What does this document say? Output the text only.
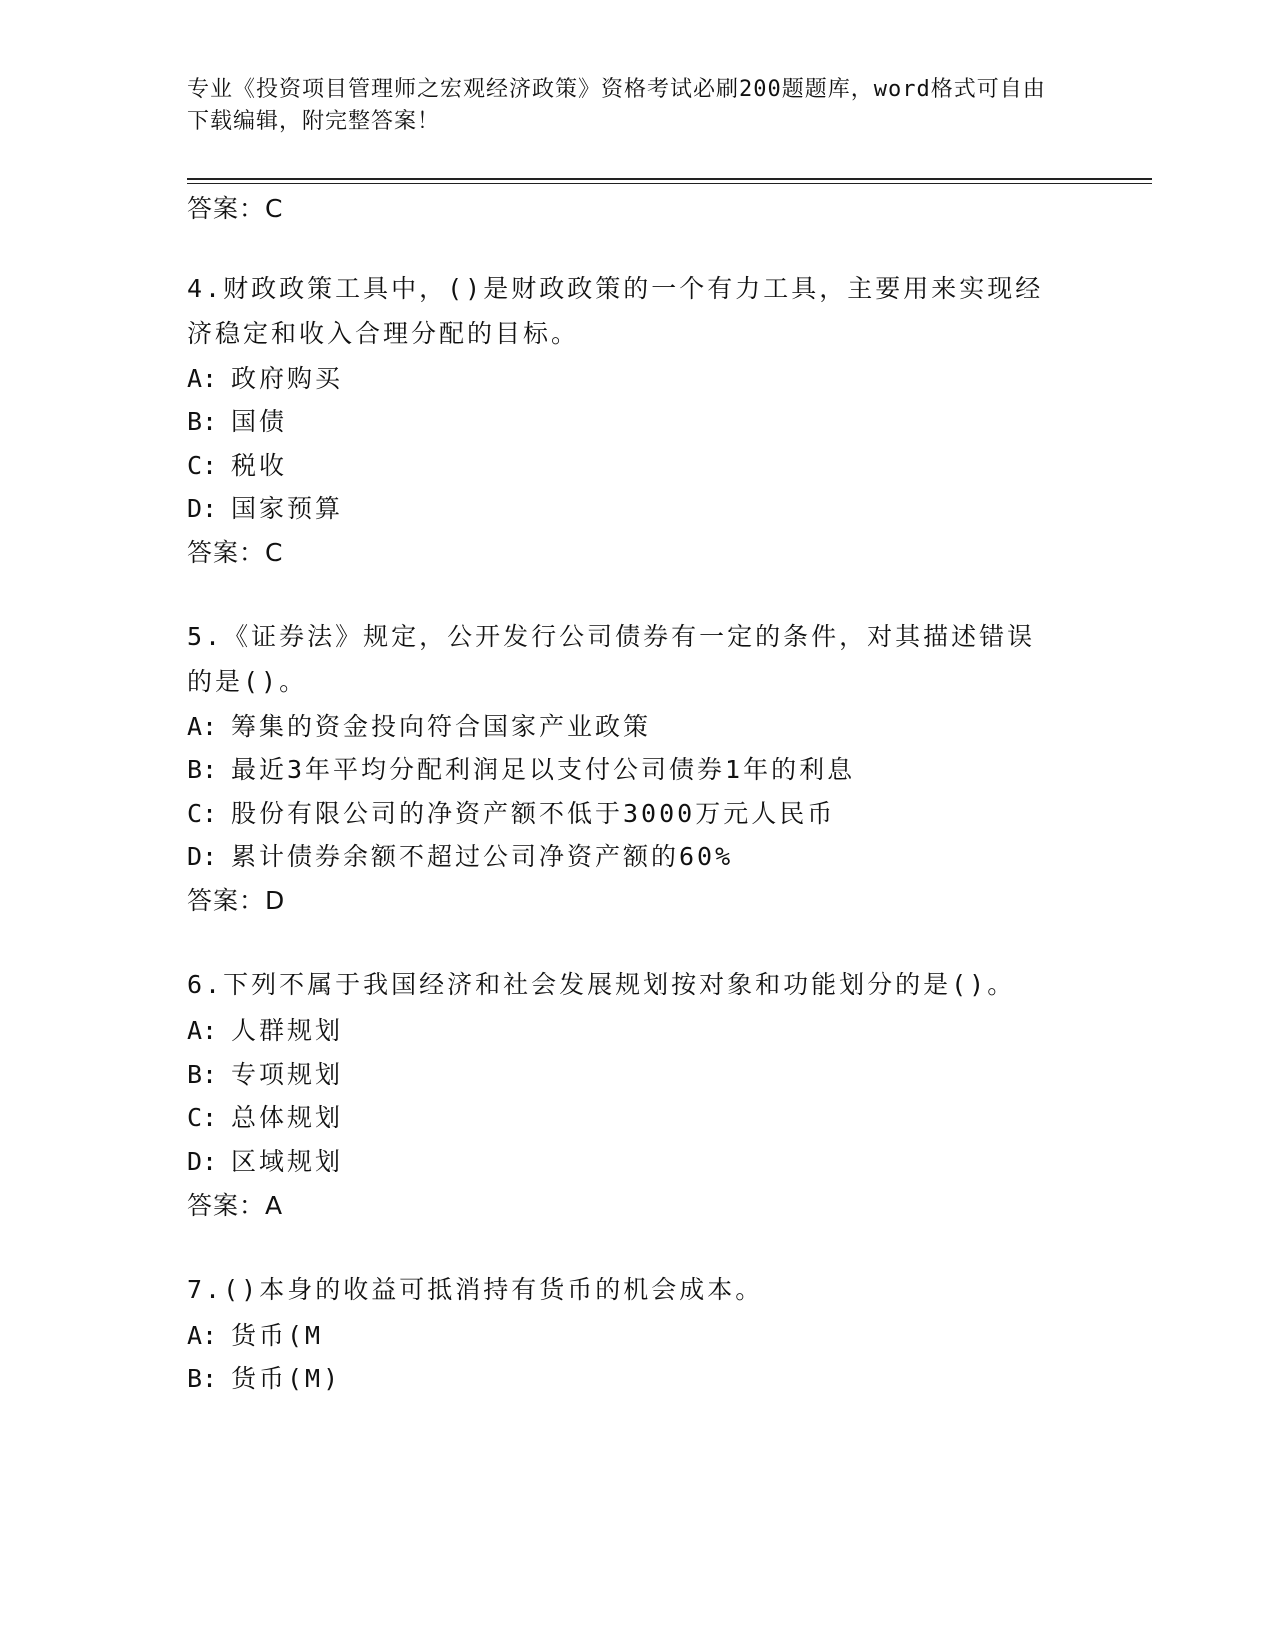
专业《投资项目管理师之宏观经济政策》资格考试必刷200题题库，word格式可自由下载编辑，附完整答案！
答案：C
4.财政政策工具中，()是财政政策的一个有力工具，主要用来实现经济稳定和收入合理分配的目标。
A: 政府购买
B: 国债
C: 税收
D: 国家预算
答案：C
5.《证券法》规定，公开发行公司债券有一定的条件，对其描述错误的是()。
A: 筹集的资金投向符合国家产业政策
B: 最近3年平均分配利润足以支付公司债券1年的利息
C: 股份有限公司的净资产额不低于3000万元人民币
D: 累计债券余额不超过公司净资产额的60%
答案：D
6.下列不属于我国经济和社会发展规划按对象和功能划分的是()。
A: 人群规划
B: 专项规划
C: 总体规划
D: 区域规划
答案：A
7.()本身的收益可抵消持有货币的机会成本。
A: 货币(M
B: 货币(M)
